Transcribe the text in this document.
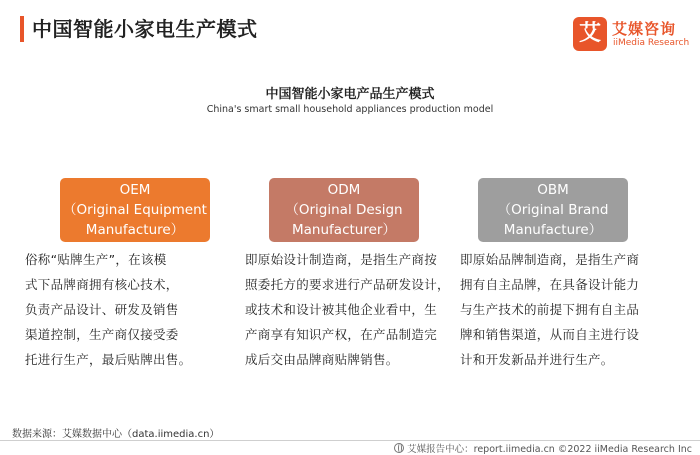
中国智能小家电生产模式	艾 艾媒咨询
iiMedia Research
中国智能小家电产品生产模式
China's smart small household appliances production model
OEM
（Original Equipment
Manufacture）
俗称“贴牌生产”，在该模
式下品牌商拥有核心技术，
负责产品设计、研发及销售
渠道控制，生产商仅接受委
托进行生产，最后贴牌出售。
ODM
（Original Design
Manufacturer）
即原始设计制造商，是指生产商按
照委托方的要求进行产品研发设计，
或技术和设计被其他企业看中，生
产商享有知识产权，在产品制造完
成后交由品牌商贴牌销售。
OBM
（Original Brand
Manufacture）
即原始品牌制造商，是指生产商
拥有自主品牌，在具备设计能力
与生产技术的前提下拥有自主品
牌和销售渠道，从而自主进行设
计和开发新品并进行生产。
数据来源：艾媒数据中心（data.iimedia.cn）
艾媒报告中心：report.iimedia.cn ©2022 iiMedia Research Inc
